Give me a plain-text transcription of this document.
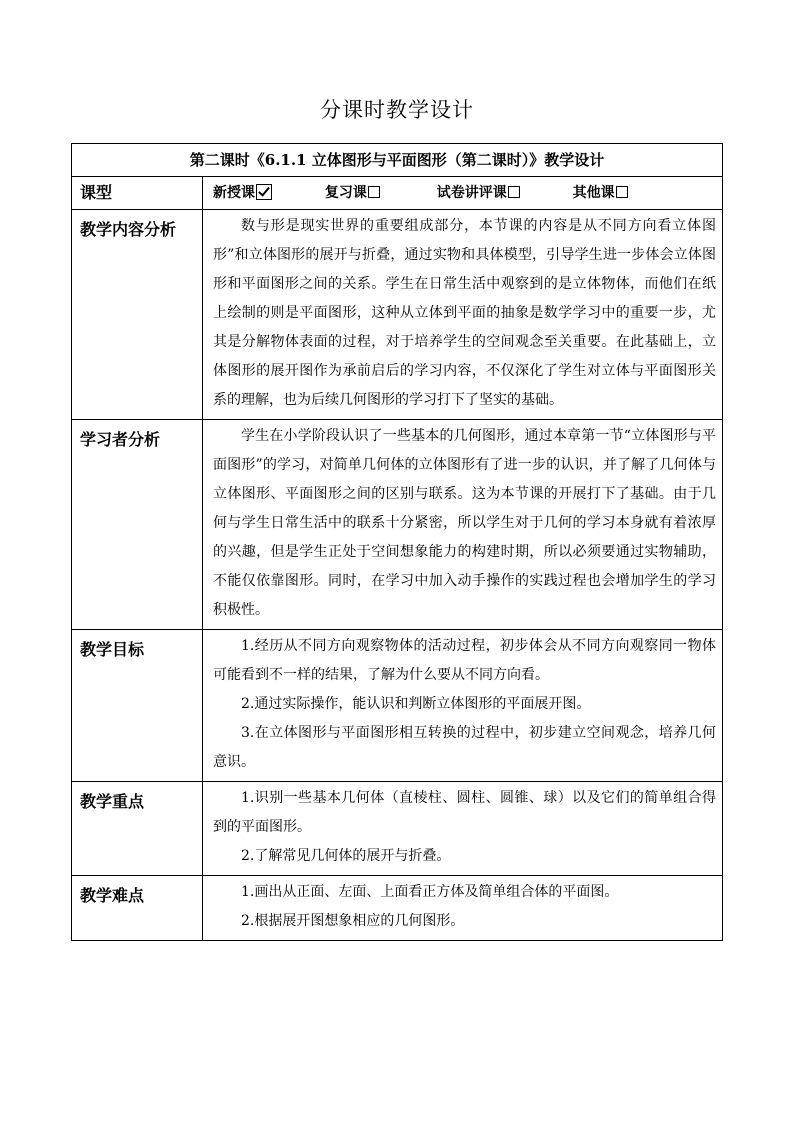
分课时教学设计
第二课时《6.1.1 立体图形与平面图形（第二课时）》教学设计	
课型	新授课 复习课 试卷讲评课 其他课
教学内容分析	数与形是现实世界的重要组成部分，本节课的内容是从不同方向看立体图形”和立体图形的展开与折叠，通过实物和具体模型，引导学生进一步体会立体图形和平面图形之间的关系。学生在日常生活中观察到的是立体物体，而他们在纸上绘制的则是平面图形，这种从立体到平面的抽象是数学学习中的重要一步，尤其是分解物体表面的过程，对于培养学生的空间观念至关重要。在此基础上，立体图形的展开图作为承前启后的学习内容，不仅深化了学生对立体与平面图形关系的理解，也为后续几何图形的学习打下了坚实的基础。

学习者分析	学生在小学阶段认识了一些基本的几何图形，通过本章第一节“立体图形与平面图形”的学习，对简单几何体的立体图形有了进一步的认识，并了解了几何体与立体图形、平面图形之间的区别与联系。这为本节课的开展打下了基础。由于几何与学生日常生活中的联系十分紧密，所以学生对于几何的学习本身就有着浓厚的兴趣，但是学生正处于空间想象能力的构建时期，所以必须要通过实物辅助，不能仅依靠图形。同时，在学习中加入动手操作的实践过程也会增加学生的学习积极性。

教学目标	1.经历从不同方向观察物体的活动过程，初步体会从不同方向观察同一物体可能看到不一样的结果，了解为什么要从不同方向看。

2.通过实际操作，能认识和判断立体图形的平面展开图。

3.在立体图形与平面图形相互转换的过程中，初步建立空间观念，培养几何意识。

教学重点	1.识别一些基本几何体（直棱柱、圆柱、圆锥、球）以及它们的简单组合得到的平面图形。

2.了解常见几何体的展开与折叠。

教学难点	1.画出从正面、左面、上面看正方体及简单组合体的平面图。

2.根据展开图想象相应的几何图形。
